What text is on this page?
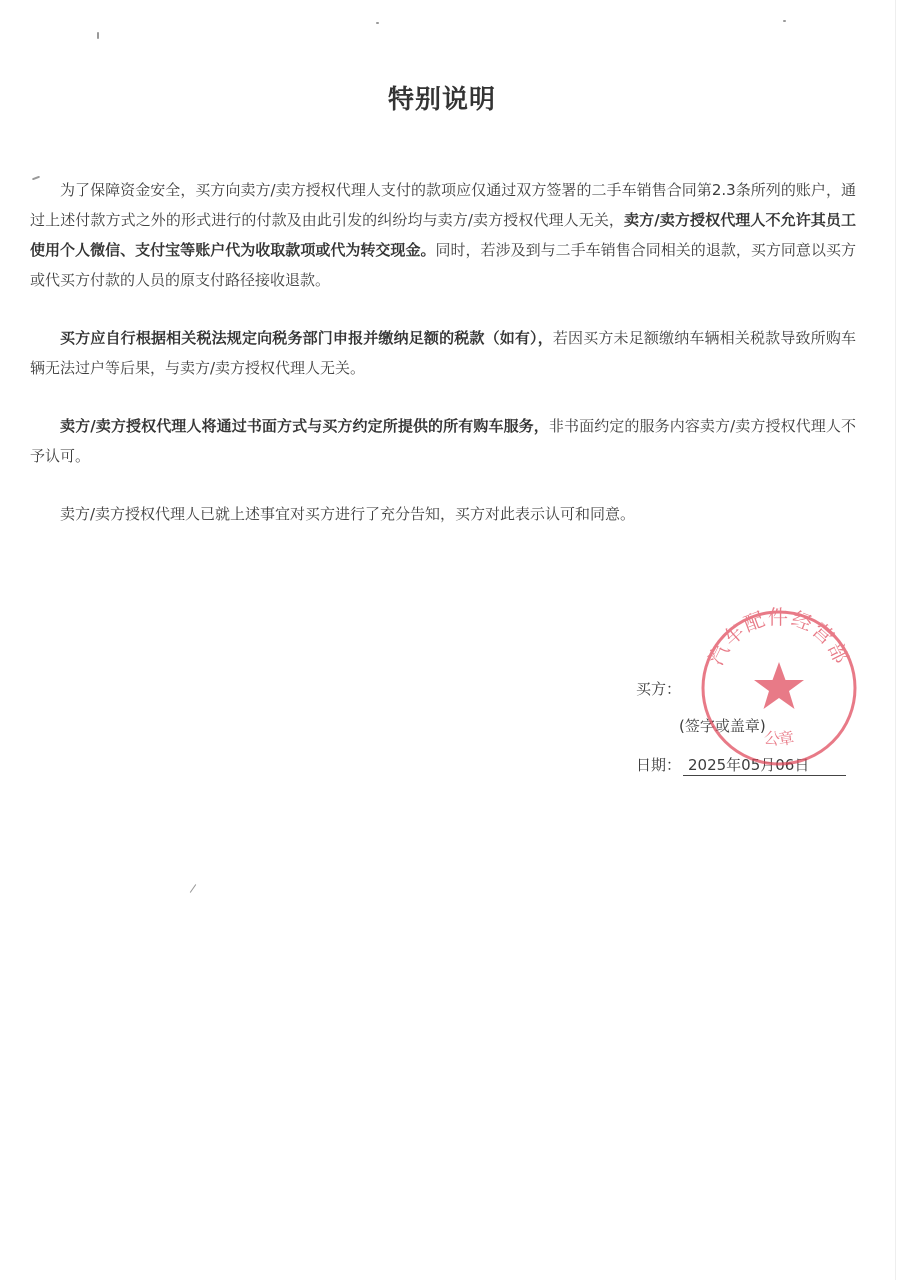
特别说明

为了保障资金安全，买方向卖方/卖方授权代理人支付的款项应仅通过双方签署的二手车销售合同第2.3条所列的账户，通过上述付款方式之外的形式进行的付款及由此引发的纠纷均与卖方/卖方授权代理人无关，卖方/卖方授权代理人不允许其员工使用个人微信、支付宝等账户代为收取款项或代为转交现金。同时，若涉及到与二手车销售合同相关的退款，买方同意以买方或代买方付款的人员的原支付路径接收退款。

买方应自行根据相关税法规定向税务部门申报并缴纳足额的税款（如有），若因买方未足额缴纳车辆相关税款导致所购车辆无法过户等后果，与卖方/卖方授权代理人无关。

卖方/卖方授权代理人将通过书面方式与买方约定所提供的所有购车服务，非书面约定的服务内容卖方/卖方授权代理人不予认可。

卖方/卖方授权代理人已就上述事宜对买方进行了充分告知，买方对此表示认可和同意。

买方：
(签字或盖章)
日期： 2025年05月06日
汽车配件经营部
公章
